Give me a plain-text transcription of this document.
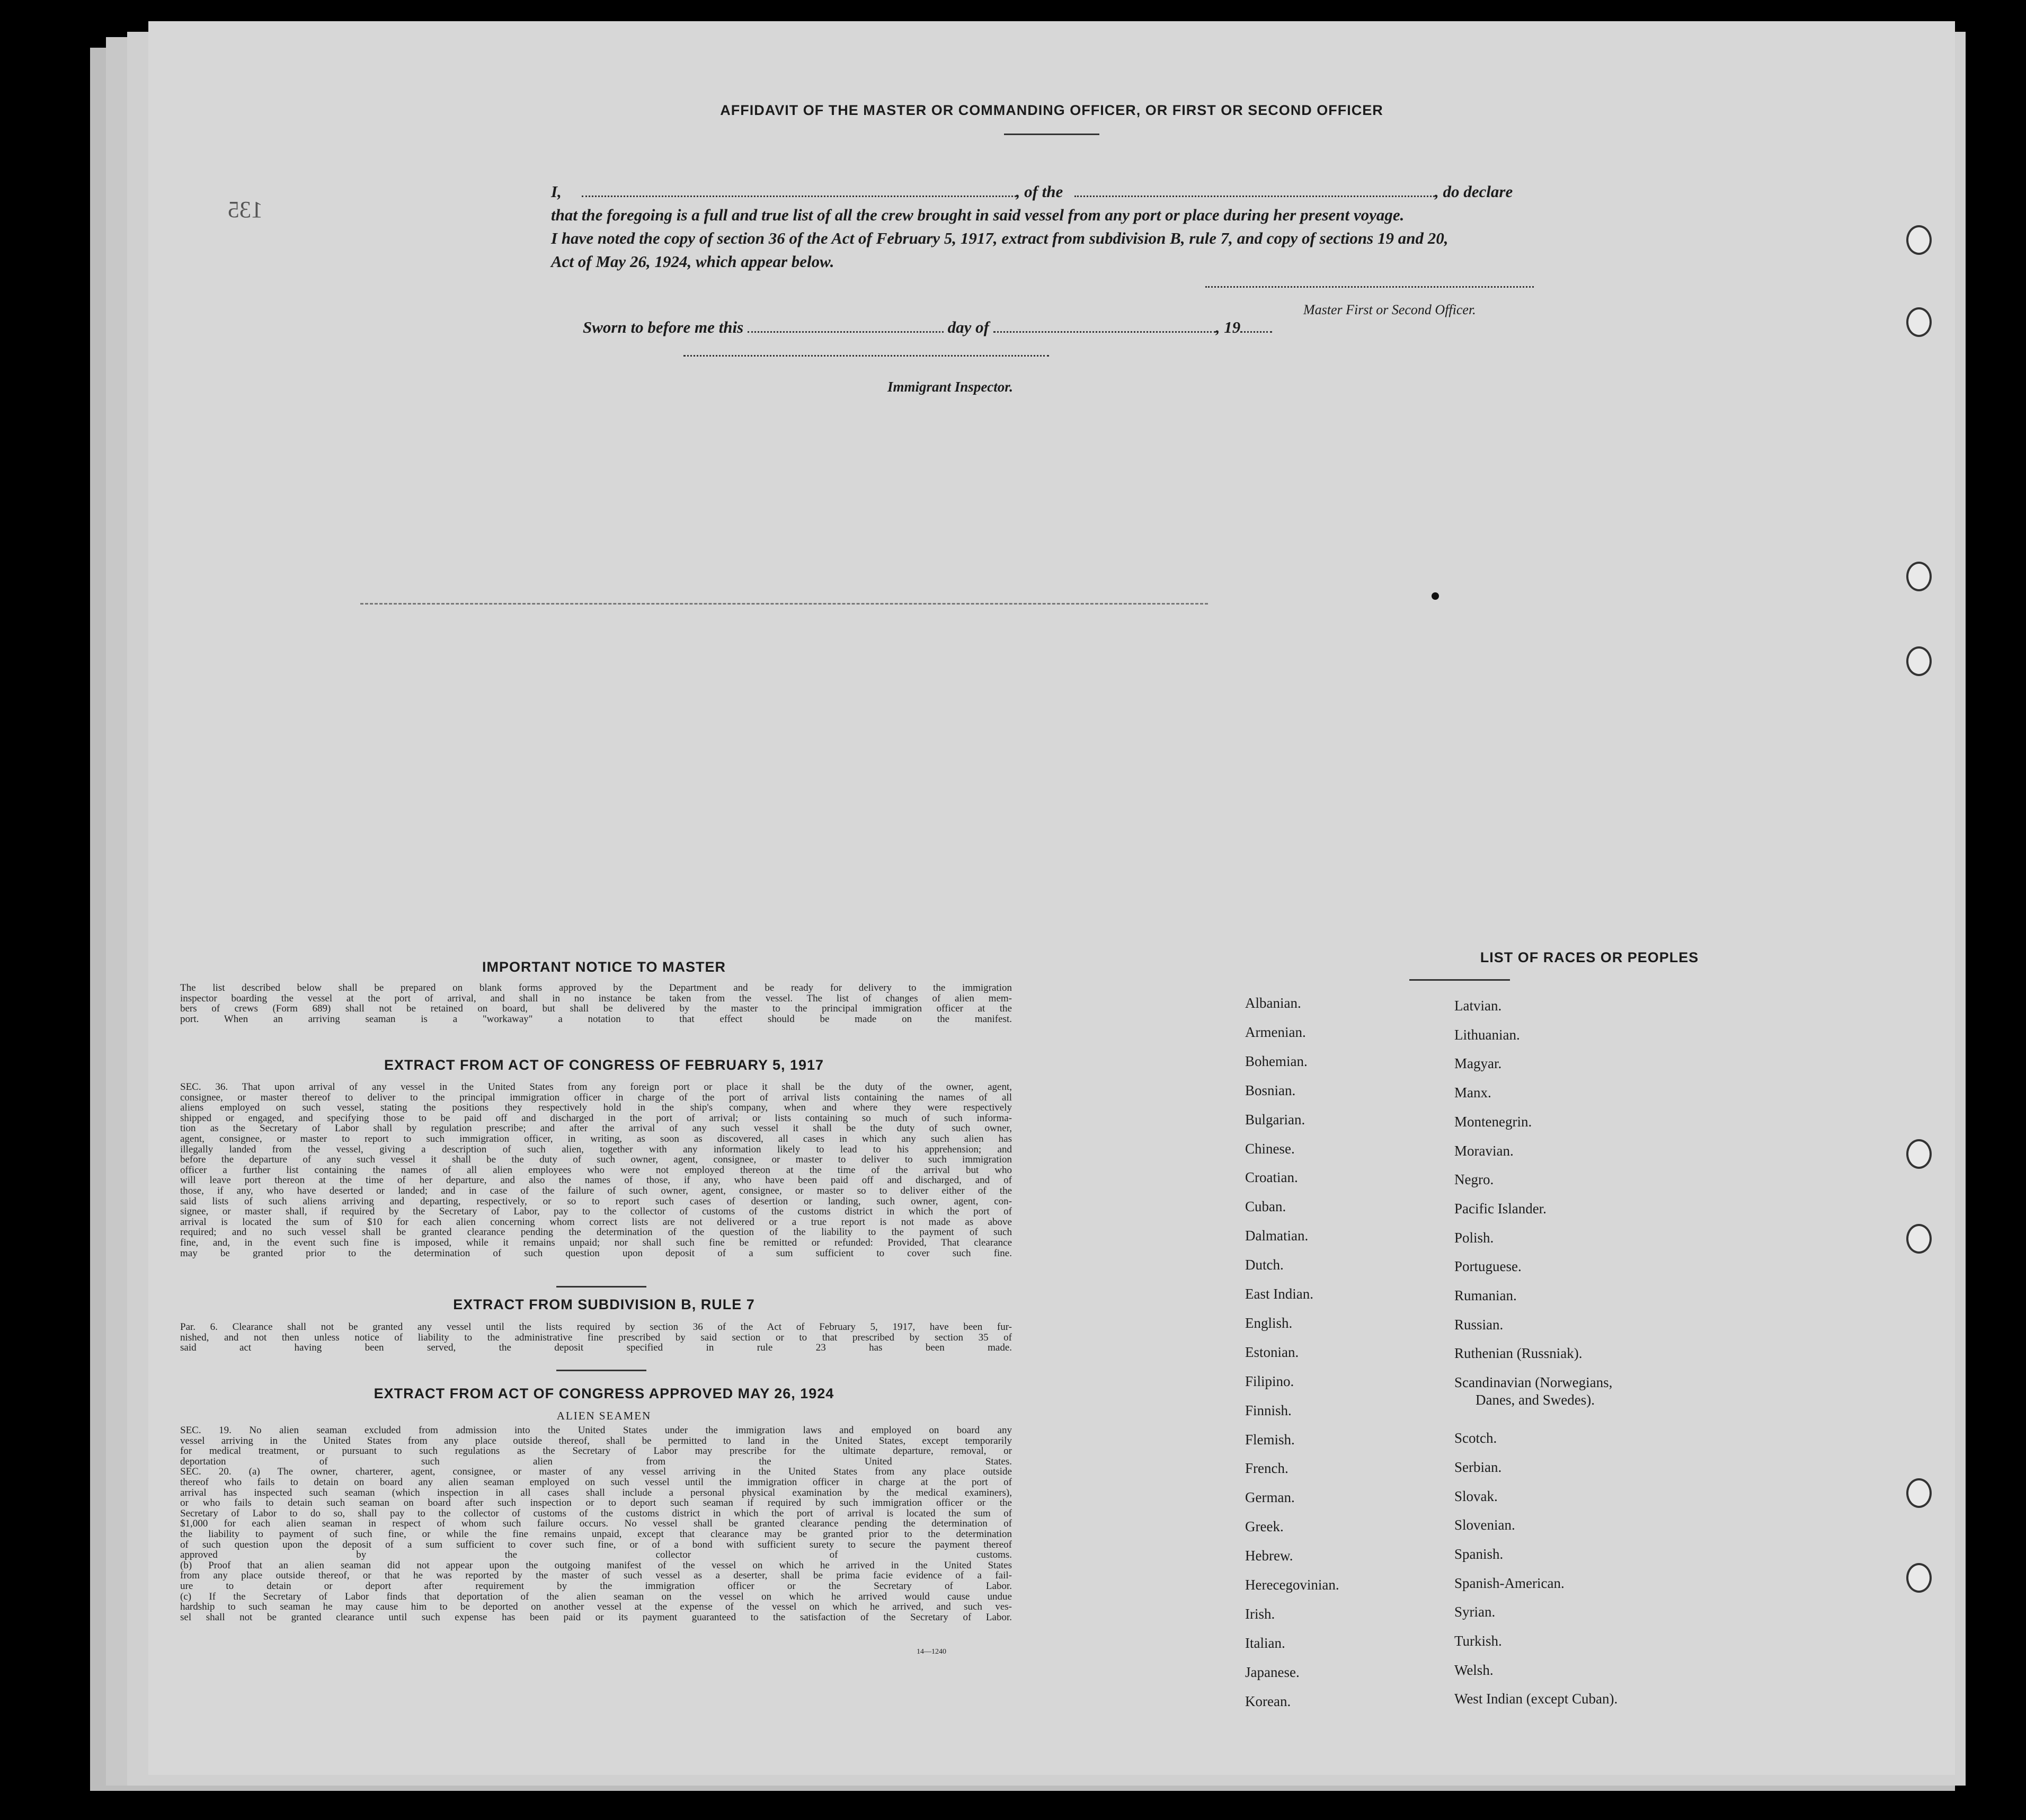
135
AFFIDAVIT OF THE MASTER OR COMMANDING OFFICER, OR FIRST OR SECOND OFFICER
I,	, of the	, do declare
that the foregoing is a full and true list of all the crew brought in said vessel from any port or place during her present voyage.
I have noted the copy of section 36 of the Act of February 5, 1917, extract from subdivision B, rule 7, and copy of sections 19 and 20,
Act of May 26, 1924, which appear below.
Master First or Second Officer.
Sworn to before me this	day of	, 19
Immigrant Inspector.
IMPORTANT NOTICE TO MASTER
The list described below shall be prepared on blank forms approved by the Department and be ready for delivery to the immigration
inspector boarding the vessel at the port of arrival, and shall in no instance be taken from the vessel. The list of changes of alien mem-
bers of crews (Form 689) shall not be retained on board, but shall be delivered by the master to the principal immigration officer at the
port. When an arriving seaman is a "workaway" a notation to that effect should be made on the manifest.
EXTRACT FROM ACT OF CONGRESS OF FEBRUARY 5, 1917
SEC. 36. That upon arrival of any vessel in the United States from any foreign port or place it shall be the duty of the owner, agent,
consignee, or master thereof to deliver to the principal immigration officer in charge of the port of arrival lists containing the names of all
aliens employed on such vessel, stating the positions they respectively hold in the ship's company, when and where they were respectively
shipped or engaged, and specifying those to be paid off and discharged in the port of arrival; or lists containing so much of such informa-
tion as the Secretary of Labor shall by regulation prescribe; and after the arrival of any such vessel it shall be the duty of such owner,
agent, consignee, or master to report to such immigration officer, in writing, as soon as discovered, all cases in which any such alien has
illegally landed from the vessel, giving a description of such alien, together with any information likely to lead to his apprehension; and
before the departure of any such vessel it shall be the duty of such owner, agent, consignee, or master to deliver to such immigration
officer a further list containing the names of all alien employees who were not employed thereon at the time of the arrival but who
will leave port thereon at the time of her departure, and also the names of those, if any, who have been paid off and discharged, and of
those, if any, who have deserted or landed; and in case of the failure of such owner, agent, consignee, or master so to deliver either of the
said lists of such aliens arriving and departing, respectively, or so to report such cases of desertion or landing, such owner, agent, con-
signee, or master shall, if required by the Secretary of Labor, pay to the collector of customs of the customs district in which the port of
arrival is located the sum of $10 for each alien concerning whom correct lists are not delivered or a true report is not made as above
required; and no such vessel shall be granted clearance pending the determination of the question of the liability to the payment of such
fine, and, in the event such fine is imposed, while it remains unpaid; nor shall such fine be remitted or refunded: Provided, That clearance
may be granted prior to the determination of such question upon deposit of a sum sufficient to cover such fine.
EXTRACT FROM SUBDIVISION B, RULE 7
Par. 6. Clearance shall not be granted any vessel until the lists required by section 36 of the Act of February 5, 1917, have been fur-
nished, and not then unless notice of liability to the administrative fine prescribed by said section or to that prescribed by section 35 of
said act having been served, the deposit specified in rule 23 has been made.
EXTRACT FROM ACT OF CONGRESS APPROVED MAY 26, 1924
ALIEN SEAMEN
SEC. 19. No alien seaman excluded from admission into the United States under the immigration laws and employed on board any
vessel arriving in the United States from any place outside thereof, shall be permitted to land in the United States, except temporarily
for medical treatment, or pursuant to such regulations as the Secretary of Labor may prescribe for the ultimate departure, removal, or
deportation of such alien from the United States.
SEC. 20. (a) The owner, charterer, agent, consignee, or master of any vessel arriving in the United States from any place outside
thereof who fails to detain on board any alien seaman employed on such vessel until the immigration officer in charge at the port of
arrival has inspected such seaman (which inspection in all cases shall include a personal physical examination by the medical examiners),
or who fails to detain such seaman on board after such inspection or to deport such seaman if required by such immigration officer or the
Secretary of Labor to do so, shall pay to the collector of customs of the customs district in which the port of arrival is located the sum of
$1,000 for each alien seaman in respect of whom such failure occurs. No vessel shall be granted clearance pending the determination of
the liability to payment of such fine, or while the fine remains unpaid, except that clearance may be granted prior to the determination
of such question upon the deposit of a sum sufficient to cover such fine, or of a bond with sufficient surety to secure the payment thereof
approved by the collector of customs.
(b) Proof that an alien seaman did not appear upon the outgoing manifest of the vessel on which he arrived in the United States
from any place outside thereof, or that he was reported by the master of such vessel as a deserter, shall be prima facie evidence of a fail-
ure to detain or deport after requirement by the immigration officer or the Secretary of Labor.
(c) If the Secretary of Labor finds that deportation of the alien seaman on the vessel on which he arrived would cause undue
hardship to such seaman he may cause him to be deported on another vessel at the expense of the vessel on which he arrived, and such ves-
sel shall not be granted clearance until such expense has been paid or its payment guaranteed to the satisfaction of the Secretary of Labor.
14—1240
LIST OF RACES OR PEOPLES
Albanian.
Armenian.
Bohemian.
Bosnian.
Bulgarian.
Chinese.
Croatian.
Cuban.
Dalmatian.
Dutch.
East Indian.
English.
Estonian.
Filipino.
Finnish.
Flemish.
French.
German.
Greek.
Hebrew.
Herecegovinian.
Irish.
Italian.
Japanese.
Korean.
Latvian.
Lithuanian.
Magyar.
Manx.
Montenegrin.
Moravian.
Negro.
Pacific Islander.
Polish.
Portuguese.
Rumanian.
Russian.
Ruthenian (Russniak).
Scandinavian (Norwegians,
Danes, and Swedes).
Scotch.
Serbian.
Slovak.
Slovenian.
Spanish.
Spanish-American.
Syrian.
Turkish.
Welsh.
West Indian (except Cuban).
